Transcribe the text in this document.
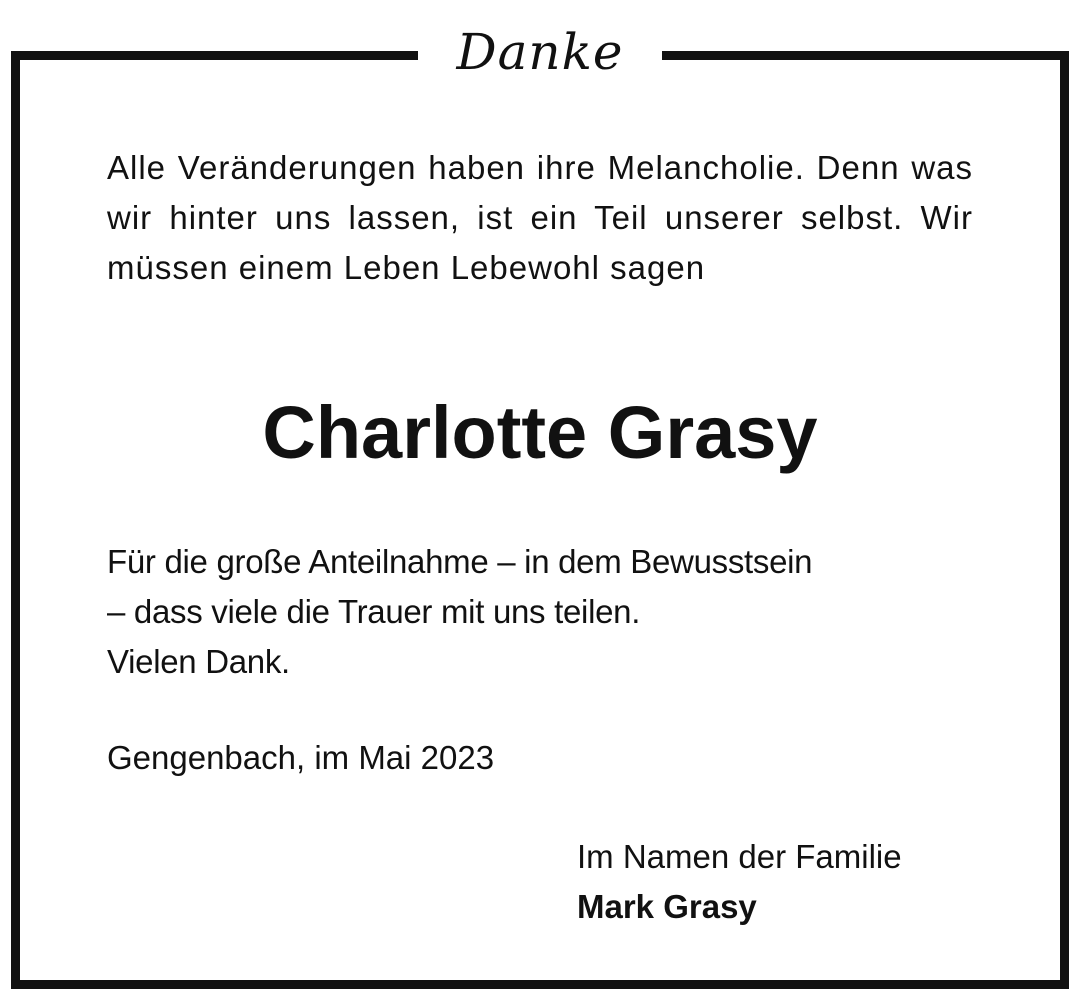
Danke
Alle Veränderungen haben ihre Melancholie. Denn was wir hinter uns lassen, ist ein Teil unserer selbst. Wir müssen einem Leben Lebewohl sagen
Charlotte Grasy
Für die große Anteilnahme – in dem Bewusstsein
– dass viele die Trauer mit uns teilen.
Vielen Dank.
Gengenbach, im Mai 2023
Im Namen der Familie
Mark Grasy
